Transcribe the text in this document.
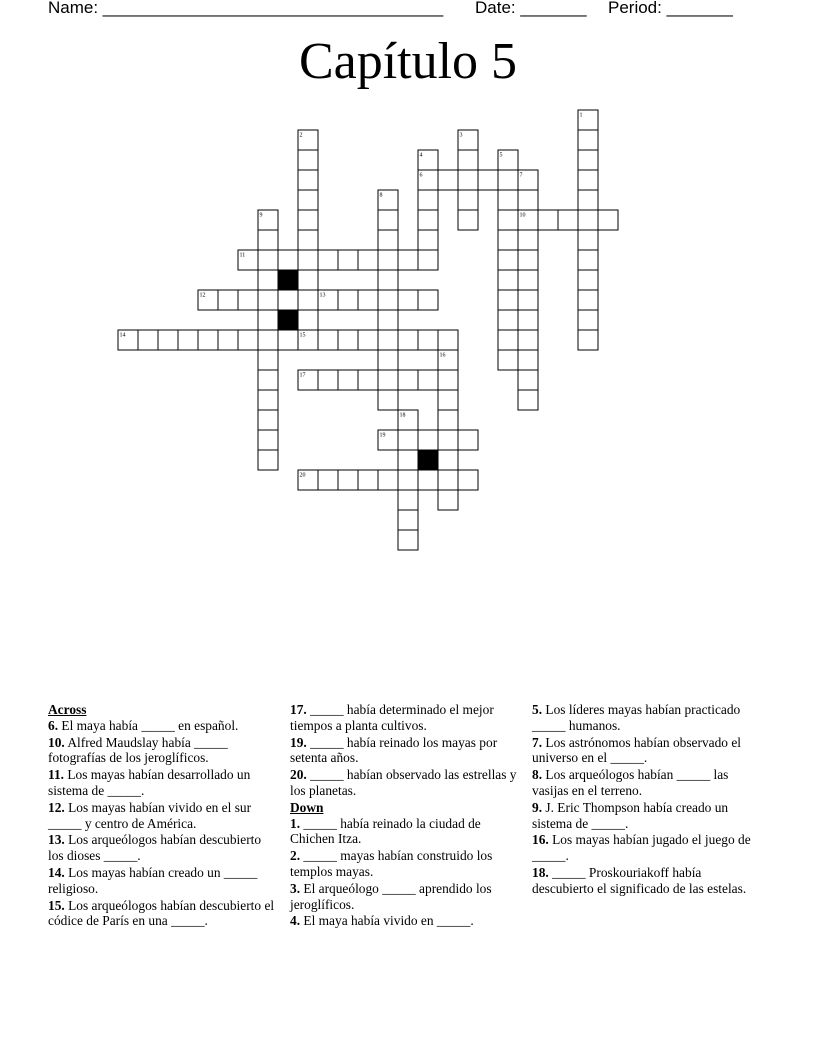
Name: ____________________________________

Date: _______

Period: _______

Capítulo 5
1
2	3
4
6	7
5
10
8
9
11
12	13
14	15
16
17
18
19
20
Across
6. El maya había _____ en español.
10. Alfred Maudslay había _____ fotografías de los jeroglíficos.
11. Los mayas habían desarrollado un sistema de _____.
12. Los mayas habían vivido en el sur _____ y centro de América.
13. Los arqueólogos habían descubierto los dioses _____.
14. Los mayas habían creado un _____ religioso.
15. Los arqueólogos habían descubierto el códice de París en una _____.
17. _____ había determinado el mejor tiempos a planta cultivos.
19. _____ había reinado los mayas por setenta años.
20. _____ habían observado las estrellas y los planetas.
Down
1. _____ había reinado la ciudad de Chichen Itza.
2. _____ mayas habían construido los templos mayas.
3. El arqueólogo _____ aprendido los jeroglíficos.
4. El maya había vivido en _____.
5. Los líderes mayas habían practicado _____ humanos.
7. Los astrónomos habían observado el universo en el _____.
8. Los arqueólogos habían _____ las vasijas en el terreno.
9. J. Eric Thompson había creado un sistema de _____.
16. Los mayas habían jugado el juego de _____.
18. _____ Proskouriakoff había descubierto el significado de las estelas.
